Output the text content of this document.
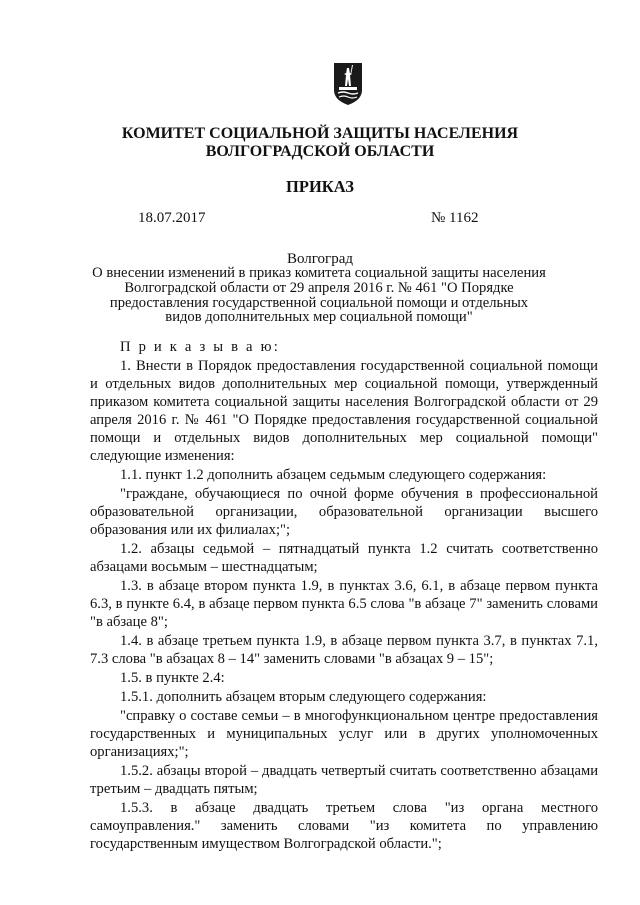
КОМИТЕТ СОЦИАЛЬНОЙ ЗАЩИТЫ НАСЕЛЕНИЯ
ВОЛГОГРАДСКОЙ ОБЛАСТИ
ПРИКАЗ
18.07.2017	№ 1162
Волгоград
О внесении изменений в приказ комитета социальной защиты населения Волгоградской области от 29 апреля 2016 г. № 461 "О Порядке предоставления государственной социальной помощи и отдельных видов дополнительных мер социальной помощи"

П р и к а з ы в а ю:

1. Внести в Порядок предоставления государственной социальной помощи и отдельных видов дополнительных мер социальной помощи, утвержденный приказом комитета социальной защиты населения Волгоградской области от 29 апреля 2016 г. № 461 "О Порядке предоставления государственной социальной помощи и отдельных видов дополнительных мер социальной помощи" следующие изменения:

1.1. пункт 1.2 дополнить абзацем седьмым следующего содержания:

"граждане, обучающиеся по очной форме обучения в профессиональной образовательной организации, образовательной организации высшего образования или их филиалах;";

1.2. абзацы седьмой – пятнадцатый пункта 1.2 считать соответственно абзацами восьмым – шестнадцатым;

1.3. в абзаце втором пункта 1.9, в пунктах 3.6, 6.1, в абзаце первом пункта 6.3, в пункте 6.4, в абзаце первом пункта 6.5 слова "в абзаце 7" заменить словами "в абзаце 8";

1.4. в абзаце третьем пункта 1.9, в абзаце первом пункта 3.7, в пунктах 7.1, 7.3 слова "в абзацах 8 – 14" заменить словами "в абзацах 9 – 15";

1.5. в пункте 2.4:

1.5.1. дополнить абзацем вторым следующего содержания:

"справку о составе семьи – в многофункциональном центре предоставления государственных и муниципальных услуг или в других уполномоченных организациях;";

1.5.2. абзацы второй – двадцать четвертый считать соответственно абзацами третьим – двадцать пятым;

1.5.3. в абзаце двадцать третьем слова "из органа местного самоуправления." заменить словами "из комитета по управлению государственным имуществом Волгоградской области.";
